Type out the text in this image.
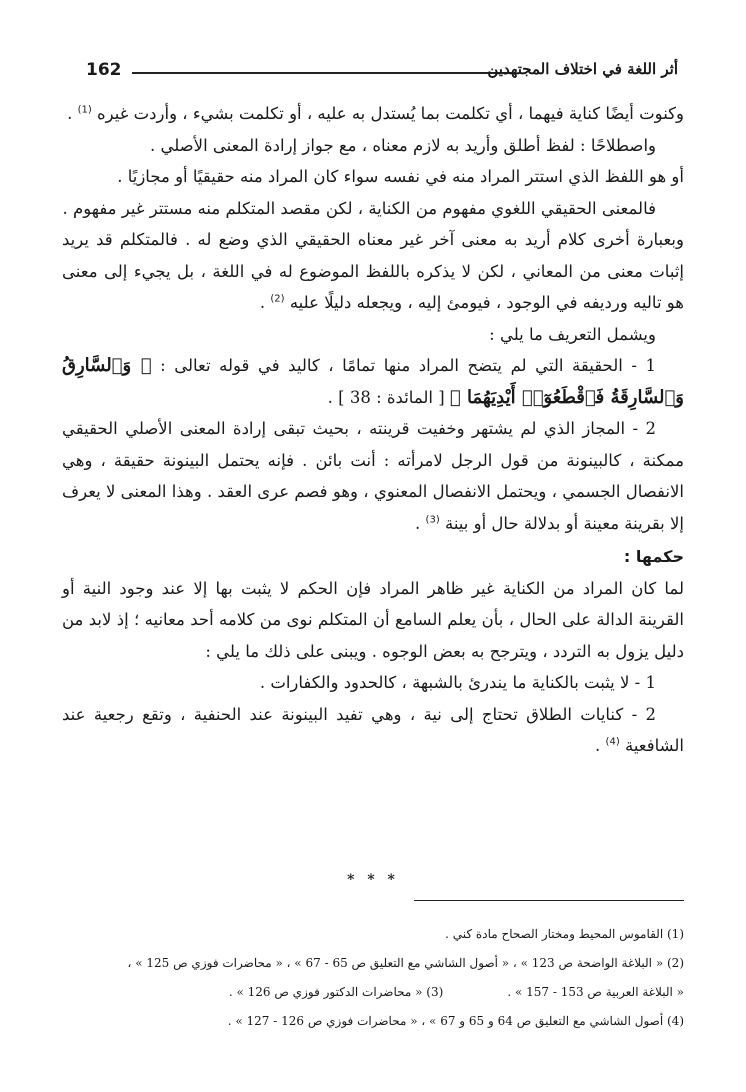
162	أثر اللغة في اختلاف المجتهدين

وكنوت أيضًا كناية فيهما ، أي تكلمت بما يُستدل به عليه ، أو تكلمت بشيء ، وأردت غيره $^{(1)}$ .

واصطلاحًا : لفظ أطلق وأريد به لازم معناه ، مع جواز إرادة المعنى الأصلي .

أو هو اللفظ الذي استتر المراد منه في نفسه سواء كان المراد منه حقيقيًا أو مجازيًا .

فالمعنى الحقيقي اللغوي مفهوم من الكناية ، لكن مقصد المتكلم منه مستتر غير مفهوم .

وبعبارة أخرى كلام أريد به معنى آخر غير معناه الحقيقي الذي وضع له . فالمتكلم قد يريد إثبات معنى من المعاني ، لكن لا يذكره باللفظ الموضوع له في اللغة ، بل يجيء إلى معنى هو تاليه وردیفه في الوجود ، فيومئ إليه ، ويجعله دليلًا عليه $^{(2)}$ .

ويشمل التعريف ما يلي :

1 - الحقيقة التي لم يتضح المراد منها تمامًا ، كاليد في قوله تعالى : ﴿ وَٱلسَّارِقُ وَٱلسَّارِقَةُ فَٱقْطَعُوٓا۟ أَيْدِيَهُمَا ﴾ [ المائدة : 38 ] .

2 - المجاز الذي لم يشتهر وخفيت قرينته ، بحيث تبقى إرادة المعنى الأصلي الحقيقي ممكنة ، كالبينونة من قول الرجل لامرأته : أنت بائن . فإنه يحتمل البينونة حقيقة ، وهي الانفصال الجسمي ، ويحتمل الانفصال المعنوي ، وهو فصم عرى العقد . وهذا المعنى لا يعرف إلا بقرينة معينة أو بدلالة حال أو بينة $^{(3)}$ .

حكمها :

لما كان المراد من الكناية غير ظاهر المراد فإن الحكم لا يثبت بها إلا عند وجود النية أو القرينة الدالة على الحال ، بأن يعلم السامع أن المتكلم نوى من كلامه أحد معانيه ؛ إذ لابد من دليل يزول به التردد ، ويترجح به بعض الوجوه . ويبنى على ذلك ما يلي :

1 - لا يثبت بالكناية ما يندرئ بالشبهة ، كالحدود والكفارات .

2 - كنايات الطلاق تحتاج إلى نية ، وهي تفيد البينونة عند الحنفية ، وتقع رجعية عند الشافعية $^{(4)}$ .

* * *
(1) القاموس المحيط ومختار الصحاح مادة كني .
(2) « البلاغة الواضحة ص 123 » ، « أصول الشاشي مع التعليق ص 65 - 67 » ، « محاضرات فوزي ص 125 » ،
« البلاغة العربية ص 153 - 157 » .(3) « محاضرات الدكتور فوزي ص 126 » .
(4) أصول الشاشي مع التعليق ص 64 و 65 و 67 » ، « محاضرات فوزي ص 126 - 127 » .
